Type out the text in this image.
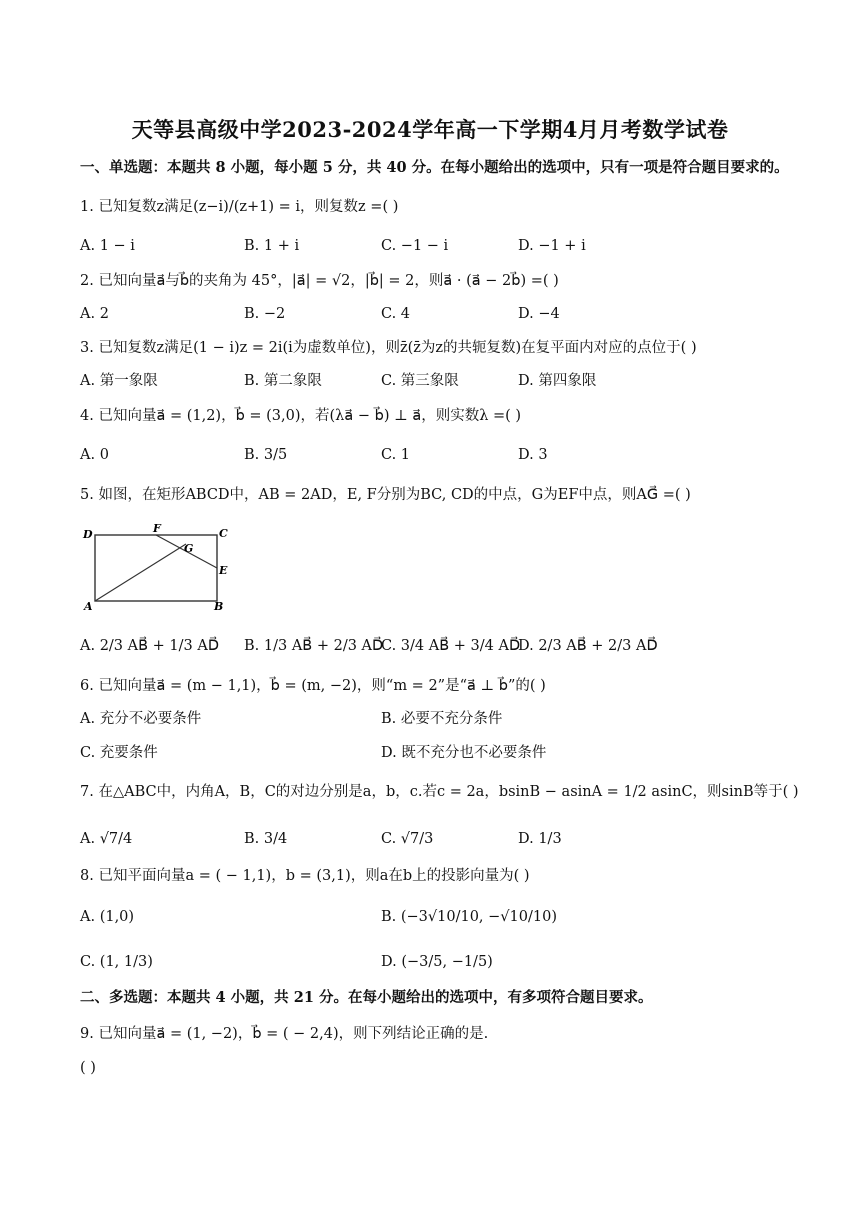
天等县高级中学2023-2024学年高一下学期4月月考数学试卷
一、单选题：本题共 8 小题，每小题 5 分，共 40 分。在每小题给出的选项中，只有一项是符合题目要求的。
1. 已知复数z满足(z−i)/(z+1) = i，则复数z =( )
A. 1 − i	B. 1 + i	C. −1 − i	D. −1 + i
2. 已知向量a⃗与b⃗的夹角为 45°，|a⃗| = √2，|b⃗| = 2，则a⃗ · (a⃗ − 2b⃗) =( )
A. 2	B. −2	C. 4	D. −4
3. 已知复数z满足(1 − i)z = 2i(i为虚数单位)，则z̄(z̄为z的共轭复数)在复平面内对应的点位于( )
A. 第一象限	B. 第二象限	C. 第三象限	D. 第四象限
4. 已知向量a⃗ = (1,2)，b⃗ = (3,0)，若(λa⃗ − b⃗) ⊥ a⃗，则实数λ =( )
A. 0	B. 3/5	C. 1	D. 3
5. 如图，在矩形ABCD中，AB = 2AD，E, F分别为BC, CD的中点，G为EF中点，则AG⃗ =( )
D	F	C
G
E
A	B
A. 2/3 AB⃗ + 1/3 AD⃗ B. 1/3 AB⃗ + 2/3 AD⃗
C. 3/4 AB⃗ + 3/4 AD⃗
D. 2/3 AB⃗ + 2/3 AD⃗
6. 已知向量a⃗ = (m − 1,1)，b⃗ = (m, −2)，则“m = 2”是“a⃗ ⊥ b⃗”的( )
A. 充分不必要条件	B. 必要不充分条件
C. 充要条件	D. 既不充分也不必要条件
7. 在△ABC中，内角A，B，C的对边分别是a，b，c.若c = 2a，bsinB − asinA = 1/2 asinC，则sinB等于( )
A. √7/4	B. 3/4	C. √7/3	D. 1/3
8. 已知平面向量a = ( − 1,1)，b = (3,1)，则a在b上的投影向量为( )
A. (1,0)	B. (−3√10/10, −√10/10)
C. (1, 1/3)	D. (−3/5, −1/5)
二、多选题：本题共 4 小题，共 21 分。在每小题给出的选项中，有多项符合题目要求。
9. 已知向量a⃗ = (1, −2)，b⃗ = ( − 2,4)，则下列结论正确的是.
( )
